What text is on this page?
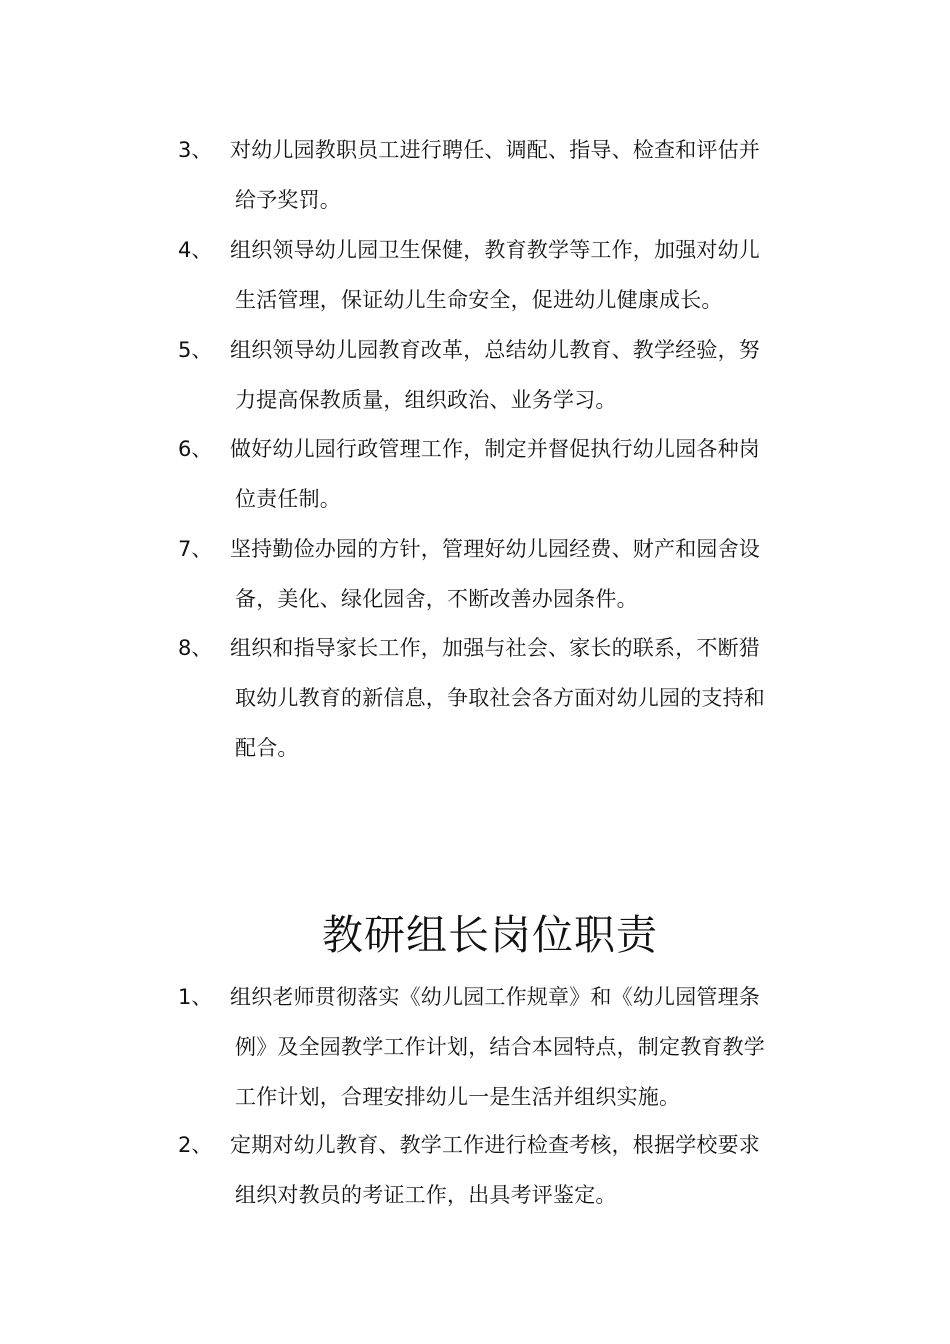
3、 对幼儿园教职员工进行聘任、调配、指导、检查和评估并
给予奖罚。
4、 组织领导幼儿园卫生保健，教育教学等工作，加强对幼儿
生活管理，保证幼儿生命安全，促进幼儿健康成长。
5、 组织领导幼儿园教育改革，总结幼儿教育、教学经验，努
力提高保教质量，组织政治、业务学习。
6、 做好幼儿园行政管理工作，制定并督促执行幼儿园各种岗
位责任制。
7、 坚持勤俭办园的方针，管理好幼儿园经费、财产和园舍设
备，美化、绿化园舍，不断改善办园条件。
8、 组织和指导家长工作，加强与社会、家长的联系，不断猎
取幼儿教育的新信息，争取社会各方面对幼儿园的支持和
配合。
教研组长岗位职责
1、 组织老师贯彻落实《幼儿园工作规章》和《幼儿园管理条
例》及全园教学工作计划，结合本园特点，制定教育教学
工作计划，合理安排幼儿一是生活并组织实施。
2、 定期对幼儿教育、教学工作进行检查考核，根据学校要求
组织对教员的考证工作，出具考评鉴定。
